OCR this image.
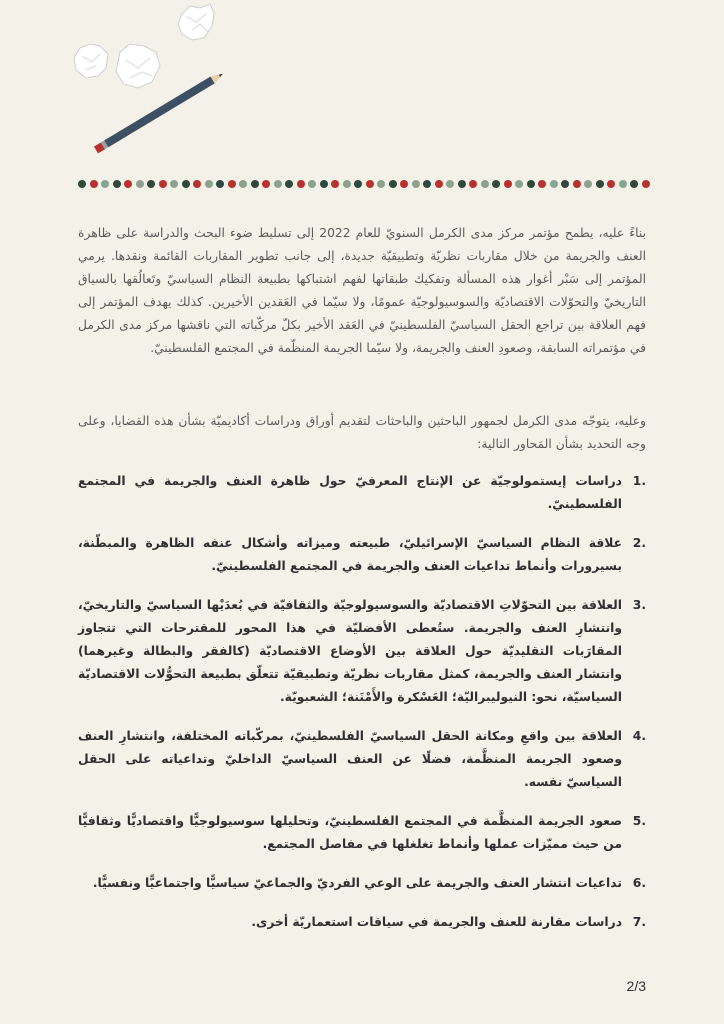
بناءً عليه، يطمح مؤتمر مركز مدى الكرمل السنويّ للعام 2022 إلى تسليط ضوء البحث والدراسة على ظاهرة العنف والجريمة من خلال مقاربات نظريّة وتطبيقيّة جديدة، إلى جانب تطوير المقاربات القائمة ونقدها. يرمي المؤتمر إلى سَبْر أغوار هذه المسألة وتفكيك طبقاتها لفهم اشتباكها بطبيعة النظام السياسيّ وتَعالُقها بالسياق التاريخيّ والتحوّلات الاقتصاديّة والسوسيولوجيّة عمومًا، ولا سيّما في العَقدين الأخيرين. كذلك يهدف المؤتمر إلى فهم العلاقة بين تراجع الحقل السياسيّ الفلسطينيّ في العَقد الأخير بكلّ مركّباته التي ناقشها مركز مدى الكرمل في مؤتمراته السابقة، وصعودِ العنف والجريمة، ولا سيّما الجريمة المنظّمة في المجتمع الفلسطينيّ.

وعليه، يتوجّه مدى الكرمل لجمهور الباحثين والباحثات لتقديم أوراق ودراسات أكاديميّة بشأن هذه القضايا، وعلى وجه التحديد بشأن المَحاور التالية:

.1
دراسات إيستمولوجيّة عن الإنتاج المعرفيّ حول ظاهرة العنف والجريمة في المجتمع الفلسطينيّ.
.2
علاقة النظام السياسيّ الإسرائيليّ، طبيعته وميزاته وأشكال عنفه الظاهرة والمبطّنة، بسيرورات وأنماط تداعيات العنف والجريمة في المجتمع الفلسطينيّ.
.3
العلاقة بين التحوّلاتِ الاقتصاديّة والسوسيولوجيّة والثقافيّة في بُعدَيْها السياسيّ والتاريخيّ، وانتشارِ العنف والجريمة. ستُعطى الأفضليّة في هذا المحور للمقترحات التي تتجاوز المقارَبات التقليديّة حول العلاقة بين الأوضاع الاقتصاديّة (كالفقر والبطالة وغيرهما) وانتشار العنف والجريمة، كمثل مقاربات نظريّة وتطبيقيّة تتعلّق بطبيعة التحوُّلات الاقتصاديّة السياسيّة، نحو: النيوليبراليّة؛ العَسْكرة والأَمْنَنة؛ الشعبويّة.
.4
العلاقة بين واقعِ ومكانة الحقل السياسيّ الفلسطينيّ، بمركّباته المختلفة، وانتشارِ العنف وصعود الجريمة المنظَّمة، فضلًا عن العنف السياسيّ الداخليّ وتداعياته على الحقل السياسيّ نفسه.
.5
صعود الجريمة المنظَّمة في المجتمع الفلسطينيّ، وتحليلها سوسيولوجيًّا واقتصاديًّا وثقافيًّا من حيث مميّزات عملها وأنماط تغلغلها في مفاصل المجتمع.
.6
تداعيات انتشار العنف والجريمة على الوعي الفرديّ والجماعيّ سياسيًّا واجتماعيًّا ونفسيًّا.
.7
دراسات مقارنة للعنف والجريمة في سياقات استعماريّة أخرى.
2/3
